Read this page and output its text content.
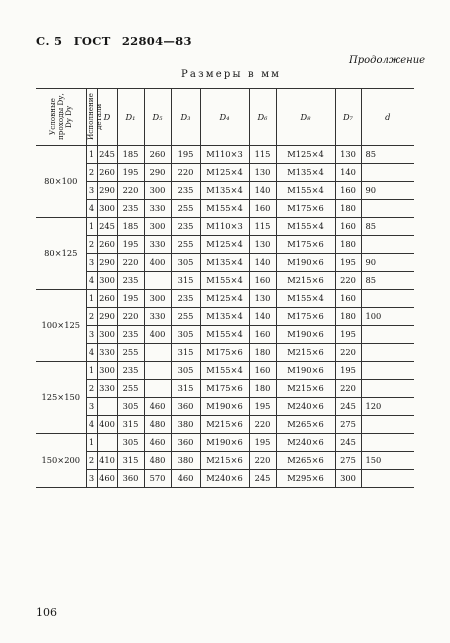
С. 5 ГОСТ 22804—83
Продолжение
Размеры в мм
Условные проходы Dу, Dу Dу	Исполнение детали	D	D₁	D₅	D₃	D₄	D₆	D₈	D₇	d
80×100	1	245	185	260	195	M110×3	115	M125×4	130	85
	2	260	195	290	220	M125×4	130	M135×4	140	
	3	290	220	300	235	M135×4	140	M155×4	160	90
	4	300	235	330	255	M155×4	160	M175×6	180	
80×125	1	245	185	300	235	M110×3	115	M155×4	160	85
	2	260	195	330	255	M125×4	130	M175×6	180	
	3	290	220	400	305	M135×4	140	M190×6	195	90
	4	300	235		315	M155×4	160	M215×6	220	85
100×125	1	260	195	300	235	M125×4	130	M155×4	160	
	2	290	220	330	255	M135×4	140	M175×6	180	100
	3	300	235	400	305	M155×4	160	M190×6	195	
	4	330	255		315	M175×6	180	M215×6	220	
125×150	1	300	235		305	M155×4	160	M190×6	195	
	2	330	255		315	M175×6	180	M215×6	220	
	3		305	460	360	M190×6	195	M240×6	245	120
	4	400	315	480	380	M215×6	220	M265×6	275	
150×200	1		305	460	360	M190×6	195	M240×6	245	
	2	410	315	480	380	M215×6	220	M265×6	275	150
	3	460	360	570	460	M240×6	245	M295×6	300	
106
